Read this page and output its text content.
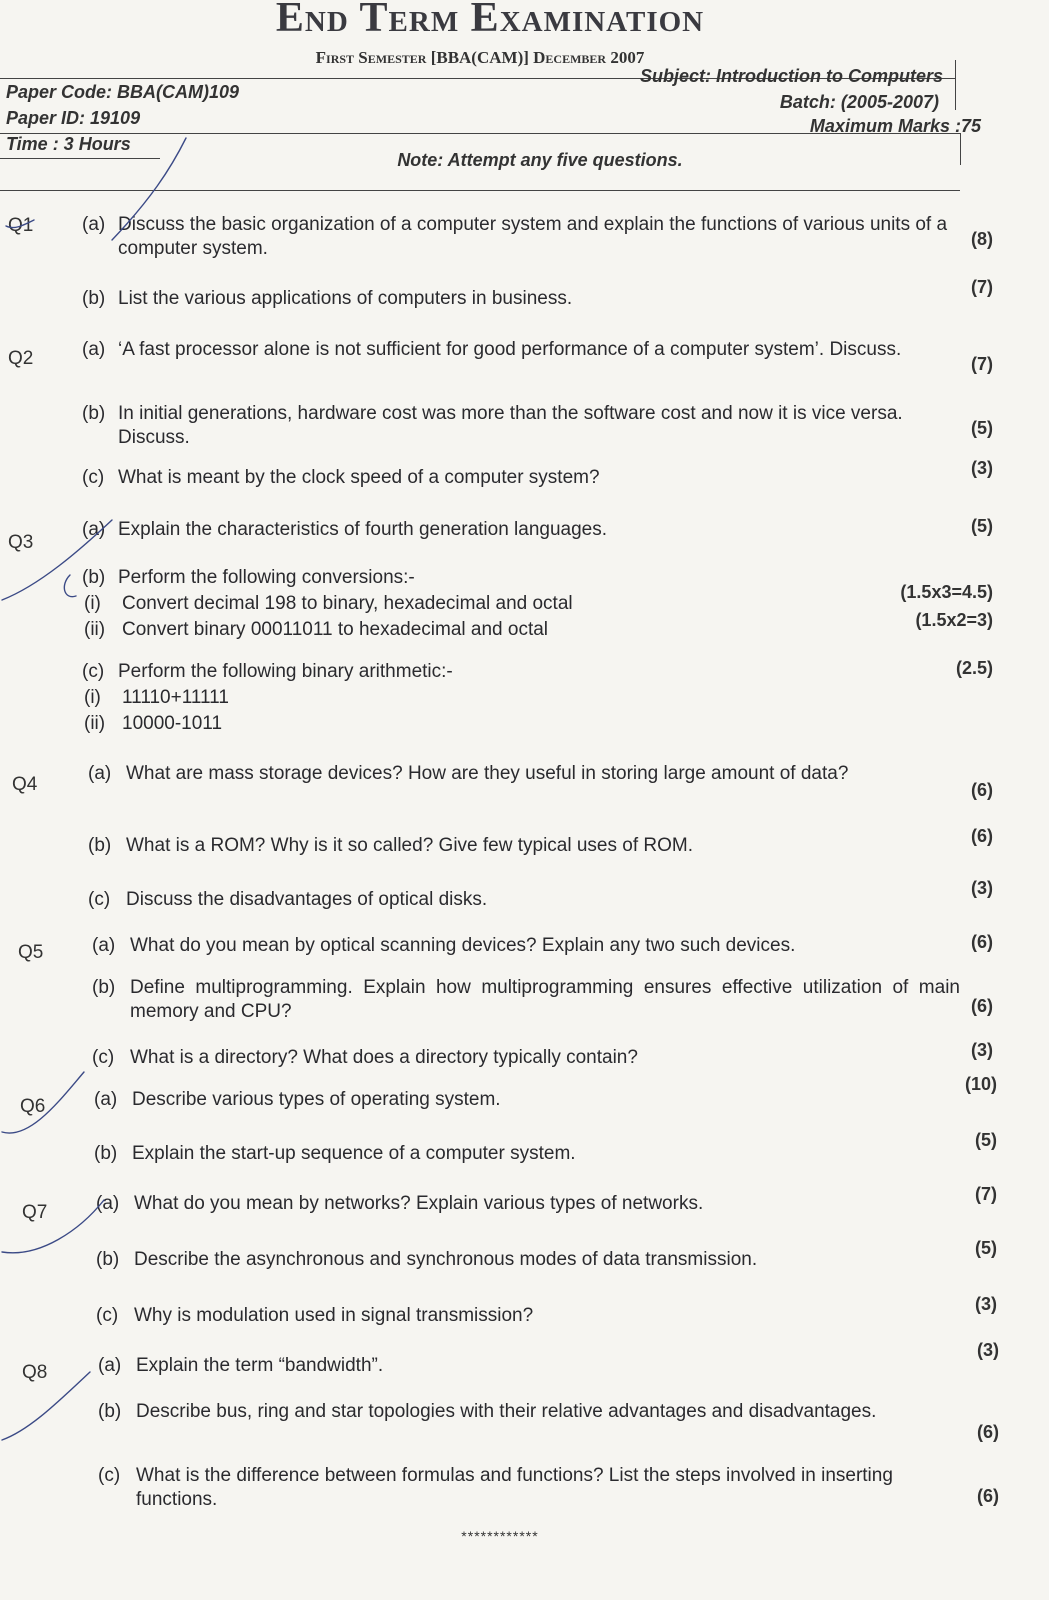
End Term Examination
First Semester [BBA(CAM)] December 2007
Paper Code: BBA(CAM)109
Paper ID: 19109
Time : 3 Hours
Subject: Introduction to Computers
Batch: (2005-2007)
Maximum Marks :75
Note: Attempt any five questions.
Q1	(a) Discuss the basic organization of a computer system and explain the functions of various units of a computer system.	(8)
(b) List the various applications of computers in business.
(7)
Q2	(a) ‘A fast processor alone is not sufficient for good performance of a computer system’. Discuss.
(7)
(b) In initial generations, hardware cost was more than the software cost and now it is vice versa. Discuss.	(5)
(c) What is meant by the clock speed of a computer system?	(3)
Q3
(a) Explain the characteristics of fourth generation languages.	(5)
(b) Perform the following conversions:-
(i) Convert decimal 198 to binary, hexadecimal and octal
(1.5x3=4.5)
(ii) Convert binary 00011011 to hexadecimal and octal	(1.5x2=3)
(c) Perform the following binary arithmetic:-	(2.5)
(i) 11110+11111
(ii) 10000-1011
Q4
(a) What are mass storage devices? How are they useful in storing large amount of data?
(6)
(b) What is a ROM? Why is it so called? Give few typical uses of ROM.	(6)
(c) Discuss the disadvantages of optical disks.
(3)
Q5	(a) What do you mean by optical scanning devices? Explain any two such devices.	(6)
(b) Define multiprogramming. Explain how multiprogramming ensures effective utilization of main memory and CPU?	(6)
(c) What is a directory? What does a directory typically contain?	(3)
Q6	(a) Describe various types of operating system.
(10)
(b) Explain the start-up sequence of a computer system.
(5)
Q7	(a) What do you mean by networks? Explain various types of networks.	(7)
(b) Describe the asynchronous and synchronous modes of data transmission.
(5)
(c) Why is modulation used in signal transmission?
(3)
Q8	(a) Explain the term “bandwidth”.
(3)
(b) Describe bus, ring and star topologies with their relative advantages and disadvantages.
(6)
(c) What is the difference between formulas and functions? List the steps involved in inserting functions.	(6)
************
